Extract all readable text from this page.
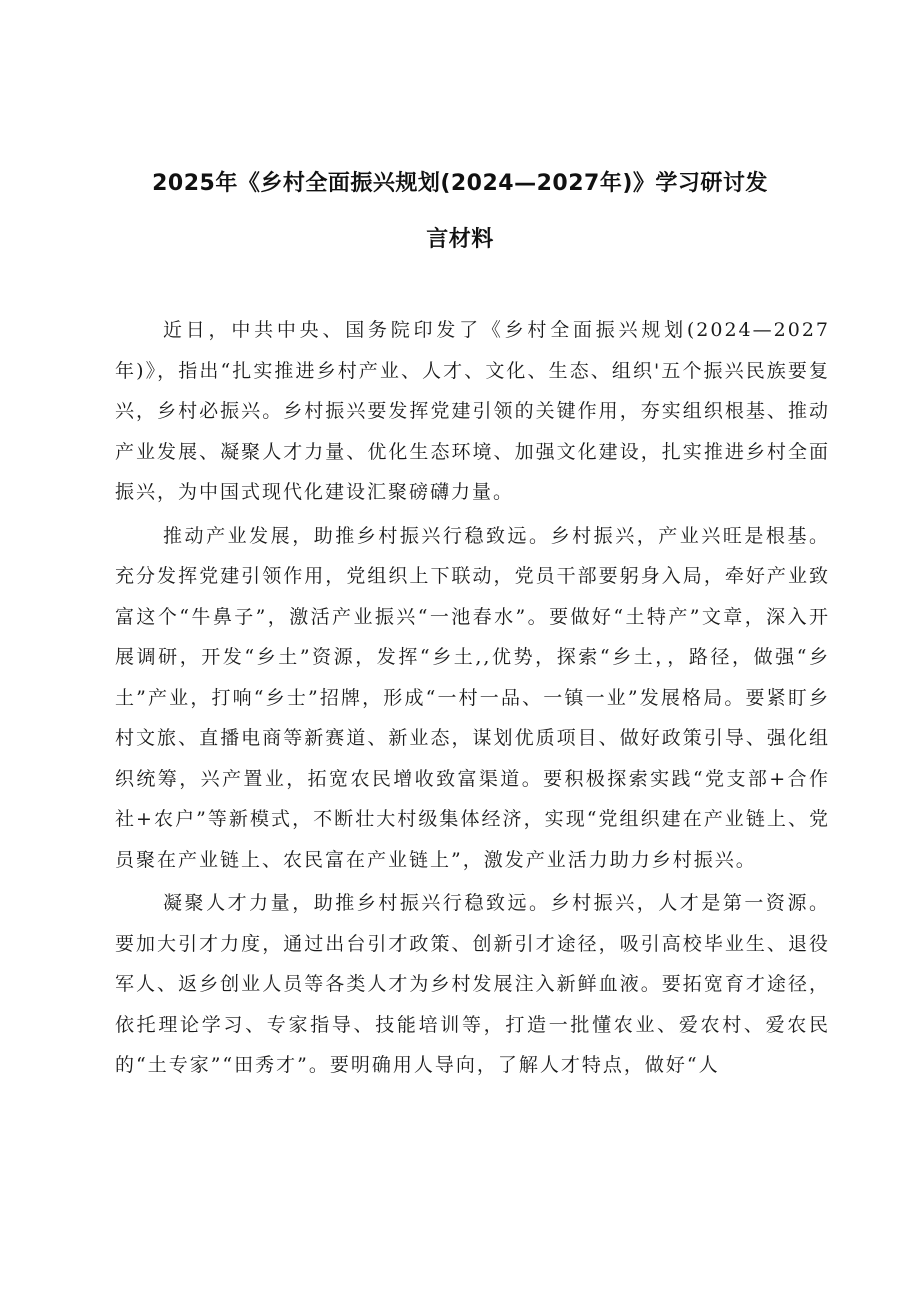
2025年《乡村全面振兴规划(2024—2027年)》学习研讨发
言材料

近日，中共中央、国务院印发了《乡村全面振兴规划(2024—2027年)》，指出“扎实推进乡村产业、人才、文化、生态、组织'五个振兴民族要复兴，乡村必振兴。乡村振兴要发挥党建引领的关键作用，夯实组织根基、推动产业发展、凝聚人才力量、优化生态环境、加强文化建设，扎实推进乡村全面振兴，为中国式现代化建设汇聚磅礴力量。

推动产业发展，助推乡村振兴行稳致远。乡村振兴，产业兴旺是根基。充分发挥党建引领作用，党组织上下联动，党员干部要躬身入局，牵好产业致富这个“牛鼻子”，激活产业振兴“一池春水”。要做好“土特产”文章，深入开展调研，开发“乡土”资源，发挥“乡土,,优势，探索“乡土，，路径，做强“乡土”产业，打响“乡士”招牌，形成“一村一品、一镇一业”发展格局。要紧盯乡村文旅、直播电商等新赛道、新业态，谋划优质项目、做好政策引导、强化组织统筹，兴产置业，拓宽农民增收致富渠道。要积极探索实践“党支部+合作社+农户”等新模式，不断壮大村级集体经济，实现“党组织建在产业链上、党员聚在产业链上、农民富在产业链上”，激发产业活力助力乡村振兴。

凝聚人才力量，助推乡村振兴行稳致远。乡村振兴，人才是第一资源。要加大引才力度，通过出台引才政策、创新引才途径，吸引高校毕业生、退役军人、返乡创业人员等各类人才为乡村发展注入新鲜血液。要拓宽育才途径，依托理论学习、专家指导、技能培训等，打造一批懂农业、爱农村、爱农民的“土专家”“田秀才”。要明确用人导向，了解人才特点，做好“人
